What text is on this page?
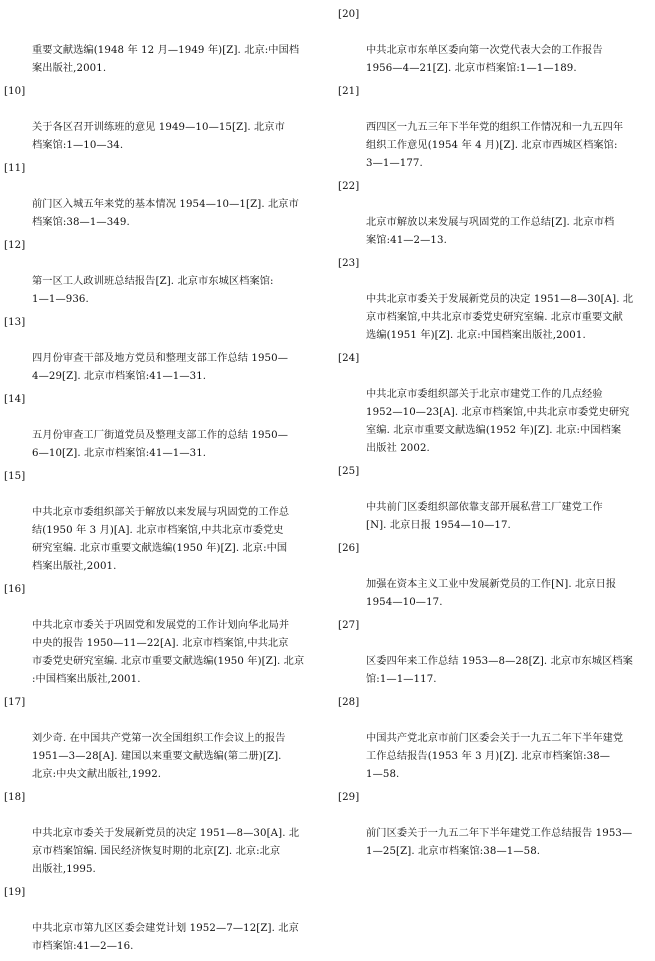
重要文献选编(1948 年 12 月—1949 年)[Z]. 北京:中国档
案出版社,2001.

[10]

关于各区召开训练班的意见 1949—10—15[Z]. 北京市
档案馆:1—10—34.

[11]

前门区入城五年来党的基本情况 1954—10—1[Z]. 北京市
档案馆:38—1—349.

[12]

第一区工人政训班总结报告[Z]. 北京市东城区档案馆:
1—1—936.

[13]

四月份审查干部及地方党员和整理支部工作总结 1950—
4—29[Z]. 北京市档案馆:41—1—31.

[14]

五月份审查工厂街道党员及整理支部工作的总结 1950—
6—10[Z]. 北京市档案馆:41—1—31.

[15]

中共北京市委组织部关于解放以来发展与巩固党的工作总
结(1950 年 3 月)[A]. 北京市档案馆,中共北京市委党史
研究室编. 北京市重要文献选编(1950 年)[Z]. 北京:中国
档案出版社,2001.

[16]

中共北京市委关于巩固党和发展党的工作计划向华北局并
中央的报告 1950—11—22[A]. 北京市档案馆,中共北京
市委党史研究室编. 北京市重要文献选编(1950 年)[Z]. 北京
:中国档案出版社,2001.

[17]

刘少奇. 在中国共产党第一次全国组织工作会议上的报告
1951—3—28[A]. 建国以来重要文献选编(第二册)[Z].
北京:中央文献出版社,1992.

[18]

中共北京市委关于发展新党员的决定 1951—8—30[A]. 北
京市档案馆编. 国民经济恢复时期的北京[Z]. 北京:北京
出版社,1995.

[19]

中共北京市第九区区委会建党计划 1952—7—12[Z]. 北京
市档案馆:41—2—16.

[20]

中共北京市东单区委向第一次党代表大会的工作报告
1956—4—21[Z]. 北京市档案馆:1—1—189.

[21]

西四区一九五三年下半年党的组织工作情况和一九五四年
组织工作意见(1954 年 4 月)[Z]. 北京市西城区档案馆:
3—1—177.

[22]

北京市解放以来发展与巩固党的工作总结[Z]. 北京市档
案馆:41—2—13.

[23]

中共北京市委关于发展新党员的决定 1951—8—30[A]. 北
京市档案馆,中共北京市委党史研究室编. 北京市重要文献
选编(1951 年)[Z]. 北京:中国档案出版社,2001.

[24]

中共北京市委组织部关于北京市建党工作的几点经验
1952—10—23[A]. 北京市档案馆,中共北京市委党史研究
室编. 北京市重要文献选编(1952 年)[Z]. 北京:中国档案
出版社 2002.

[25]

中共前门区委组织部依靠支部开展私营工厂建党工作
[N]. 北京日报 1954—10—17.

[26]

加强在资本主义工业中发展新党员的工作[N]. 北京日报
1954—10—17.

[27]

区委四年来工作总结 1953—8—28[Z]. 北京市东城区档案
馆:1—1—117.

[28]

中国共产党北京市前门区委会关于一九五二年下半年建党
工作总结报告(1953 年 3 月)[Z]. 北京市档案馆:38—
1—58.

[29]

前门区委关于一九五二年下半年建党工作总结报告 1953—
1—25[Z]. 北京市档案馆:38—1—58.
